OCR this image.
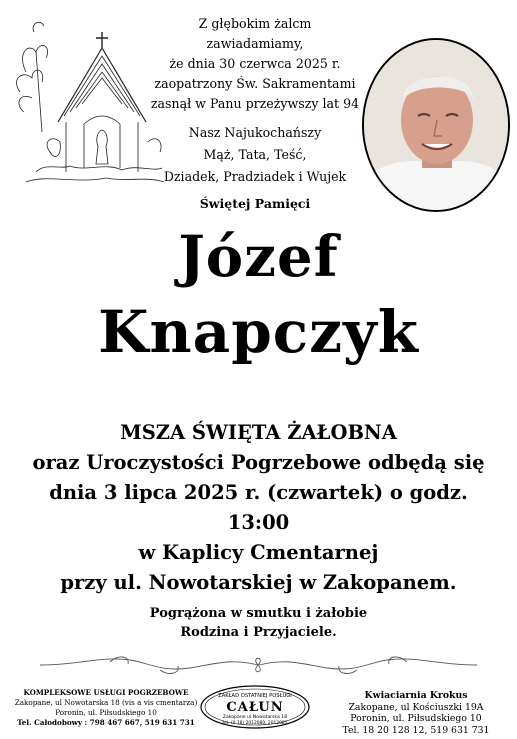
Z głębokim żalcm zawiadamiamy,
że dnia 30 czerwca 2025 r.
zaopatrzony Św. Sakramentami
zasnął w Panu przeżywszy lat 94
Nasz Najukochańszy
Mąż, Tata, Teść,
Dziadek, Pradziadek i Wujek
Świętej Pamięci
Józef
Knapczyk
MSZA ŚWIĘTA ŻAŁOBNA
oraz Uroczystości Pogrzebowe odbędą się
dnia 3 lipca 2025 r. (czwartek) o godz. 13:00
w Kaplicy Cmentarnej
przy ul. Nowotarskiej w Zakopanem.
Pogrążona w smutku i żałobie
Rodzina i Przyjaciele.
KOMPLEKSOWE USŁUGI POGRZEBOWE
Zakopane, ul Nowotarska 18 (vis a vis cmentarza)
Poronin, ul. Piłsudskiego 10
Tel. Całodobowy : 798 467 667, 519 631 731
ZAKŁAD OSTATNIEJ POSŁUGI
CAŁUN
Zakopane ul Nowotarska 18
tel. (0 18) 2012080, 2012081
Kwiaciarnia Krokus
Zakopane, ul Kościuszki 19A
Poronin, ul. Piłsudskiego 10
Tel. 18 20 128 12, 519 631 731
